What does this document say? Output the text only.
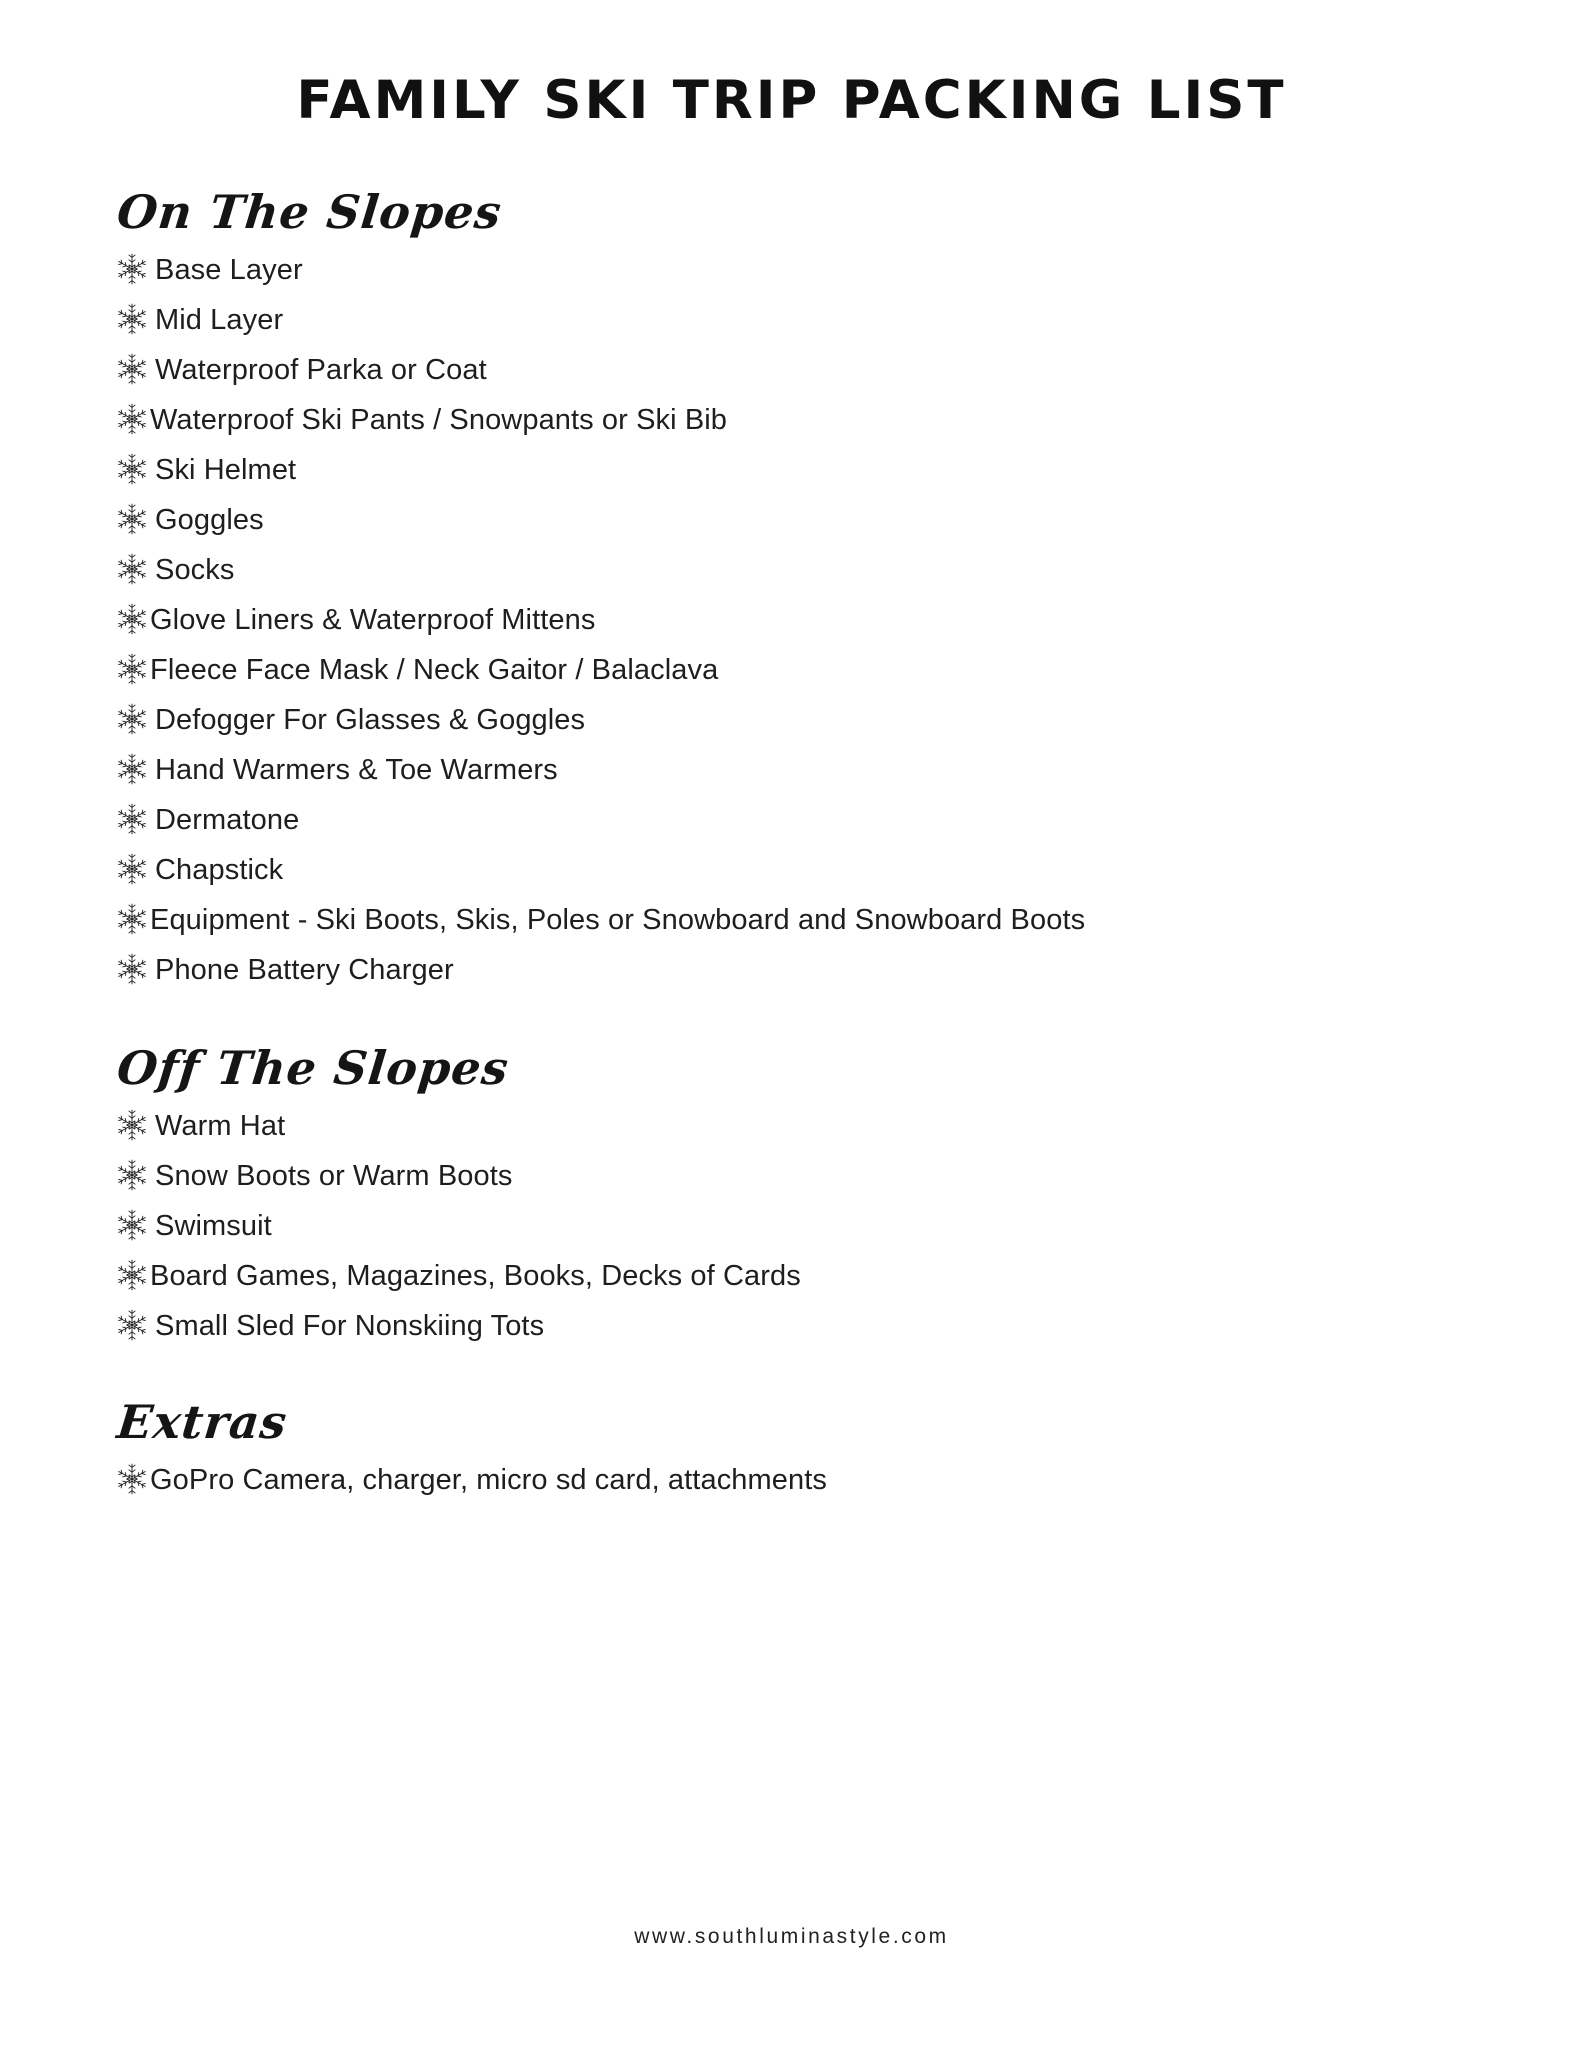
FAMILY SKI TRIP PACKING LIST
On The Slopes
Base Layer
Mid Layer
Waterproof Parka or Coat
Waterproof Ski Pants / Snowpants or Ski Bib
Ski Helmet
Goggles
Socks
Glove Liners & Waterproof Mittens
Fleece Face Mask / Neck Gaitor / Balaclava
Defogger For Glasses & Goggles
Hand Warmers & Toe Warmers
Dermatone
Chapstick
Equipment - Ski Boots, Skis, Poles or Snowboard and Snowboard Boots
Phone Battery Charger
Off The Slopes
Warm Hat
Snow Boots or Warm Boots
Swimsuit
Board Games, Magazines, Books, Decks of Cards
Small Sled For Nonskiing Tots
Extras
GoPro Camera, charger, micro sd card, attachments
www.southluminastyle.com
